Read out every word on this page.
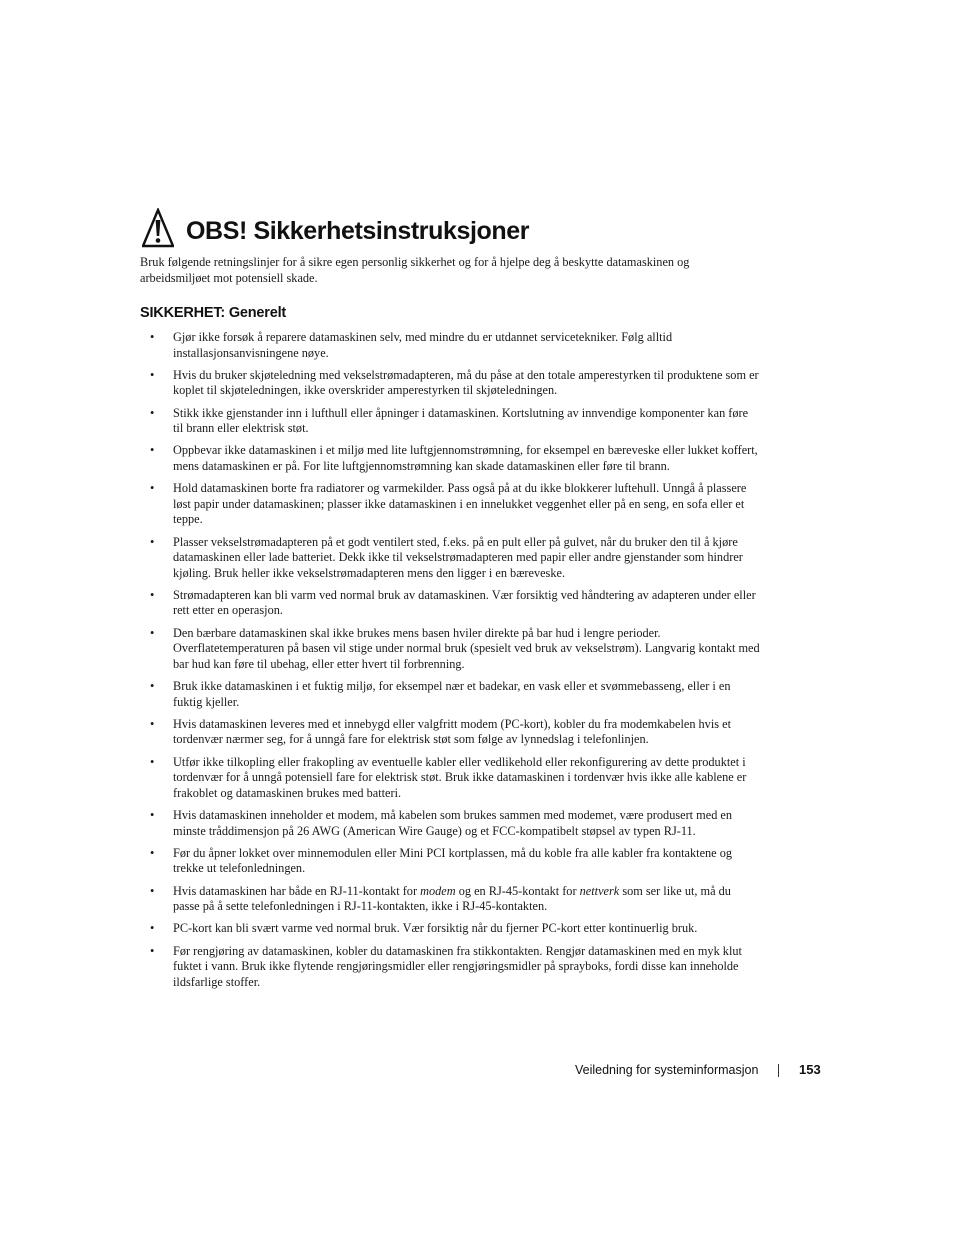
OBS! Sikkerhetsinstruksjoner

Bruk følgende retningslinjer for å sikre egen personlig sikkerhet og for å hjelpe deg å beskytte datamaskinen og arbeidsmiljøet mot potensiell skade.

SIKKERHET: Generelt
•	Gjør ikke forsøk å reparere datamaskinen selv, med mindre du er utdannet servicetekniker. Følg alltid installasjonsanvisningene nøye.
•	Hvis du bruker skjøteledning med vekselstrømadapteren, må du påse at den totale amperestyrken til produktene som er koplet til skjøteledningen, ikke overskrider amperestyrken til skjøteledningen.
•	Stikk ikke gjenstander inn i lufthull eller åpninger i datamaskinen. Kortslutning av innvendige komponenter kan føre til brann eller elektrisk støt.
•	Oppbevar ikke datamaskinen i et miljø med lite luftgjennomstrømning, for eksempel en bæreveske eller lukket koffert, mens datamaskinen er på. For lite luftgjennomstrømning kan skade datamaskinen eller føre til brann.
•	Hold datamaskinen borte fra radiatorer og varmekilder. Pass også på at du ikke blokkerer luftehull. Unngå å plassere løst papir under datamaskinen; plasser ikke datamaskinen i en innelukket veggenhet eller på en seng, en sofa eller et teppe.
•	Plasser vekselstrømadapteren på et godt ventilert sted, f.eks. på en pult eller på gulvet, når du bruker den til å kjøre datamaskinen eller lade batteriet. Dekk ikke til vekselstrømadapteren med papir eller andre gjenstander som hindrer kjøling. Bruk heller ikke vekselstrømadapteren mens den ligger i en bæreveske.
•	Strømadapteren kan bli varm ved normal bruk av datamaskinen. Vær forsiktig ved håndtering av adapteren under eller rett etter en operasjon.
•	Den bærbare datamaskinen skal ikke brukes mens basen hviler direkte på bar hud i lengre perioder. Overflatetemperaturen på basen vil stige under normal bruk (spesielt ved bruk av vekselstrøm). Langvarig kontakt med bar hud kan føre til ubehag, eller etter hvert til forbrenning.
•	Bruk ikke datamaskinen i et fuktig miljø, for eksempel nær et badekar, en vask eller et svømmebasseng, eller i en fuktig kjeller.
•	Hvis datamaskinen leveres med et innebygd eller valgfritt modem (PC-kort), kobler du fra modemkabelen hvis et tordenvær nærmer seg, for å unngå fare for elektrisk støt som følge av lynnedslag i telefonlinjen.
•	Utfør ikke tilkopling eller frakopling av eventuelle kabler eller vedlikehold eller rekonfigurering av dette produktet i tordenvær for å unngå potensiell fare for elektrisk støt. Bruk ikke datamaskinen i tordenvær hvis ikke alle kablene er frakoblet og datamaskinen brukes med batteri.
•	Hvis datamaskinen inneholder et modem, må kabelen som brukes sammen med modemet, være produsert med en minste tråddimensjon på 26 AWG (American Wire Gauge) og et FCC-kompatibelt støpsel av typen RJ-11.
•	Før du åpner lokket over minnemodulen eller Mini PCI kortplassen, må du koble fra alle kabler fra kontaktene og trekke ut telefonledningen.
•	Hvis datamaskinen har både en RJ-11-kontakt for modem og en RJ-45-kontakt for nettverk som ser like ut, må du passe på å sette telefonledningen i RJ-11-kontakten, ikke i RJ-45-kontakten.
•	PC-kort kan bli svært varme ved normal bruk. Vær forsiktig når du fjerner PC-kort etter kontinuerlig bruk.
•	Før rengjøring av datamaskinen, kobler du datamaskinen fra stikkontakten. Rengjør datamaskinen med en myk klut fuktet i vann. Bruk ikke flytende rengjøringsmidler eller rengjøringsmidler på sprayboks, fordi disse kan inneholde ildsfarlige stoffer.
Veiledning for systeminformasjon	153
